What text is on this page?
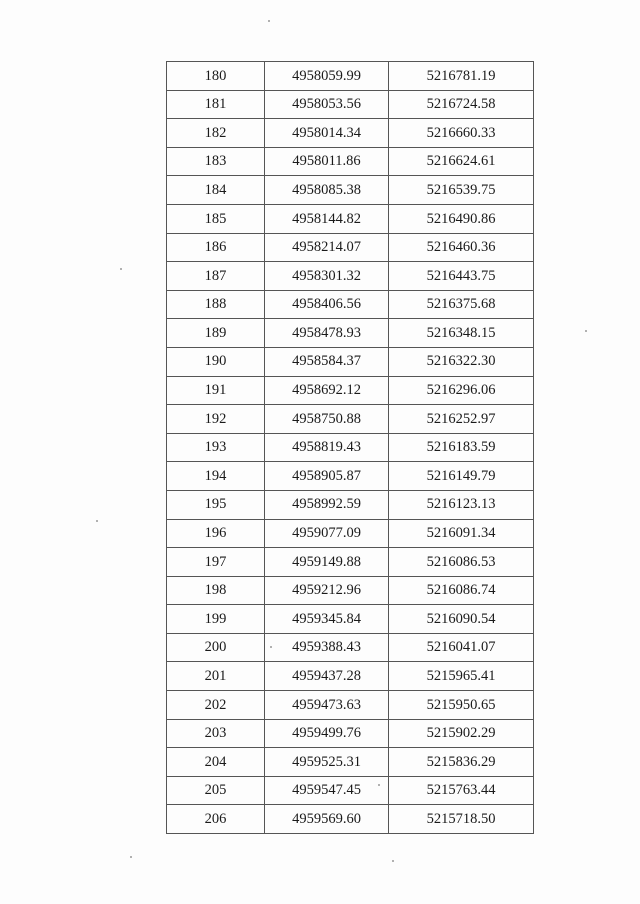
180	4958059.99	5216781.19
181	4958053.56	5216724.58
182	4958014.34	5216660.33
183	4958011.86	5216624.61
184	4958085.38	5216539.75
185	4958144.82	5216490.86
186	4958214.07	5216460.36
187	4958301.32	5216443.75
188	4958406.56	5216375.68
189	4958478.93	5216348.15
190	4958584.37	5216322.30
191	4958692.12	5216296.06
192	4958750.88	5216252.97
193	4958819.43	5216183.59
194	4958905.87	5216149.79
195	4958992.59	5216123.13
196	4959077.09	5216091.34
197	4959149.88	5216086.53
198	4959212.96	5216086.74
199	4959345.84	5216090.54
200	4959388.43	5216041.07
201	4959437.28	5215965.41
202	4959473.63	5215950.65
203	4959499.76	5215902.29
204	4959525.31	5215836.29
205	4959547.45	5215763.44
206	4959569.60	5215718.50
